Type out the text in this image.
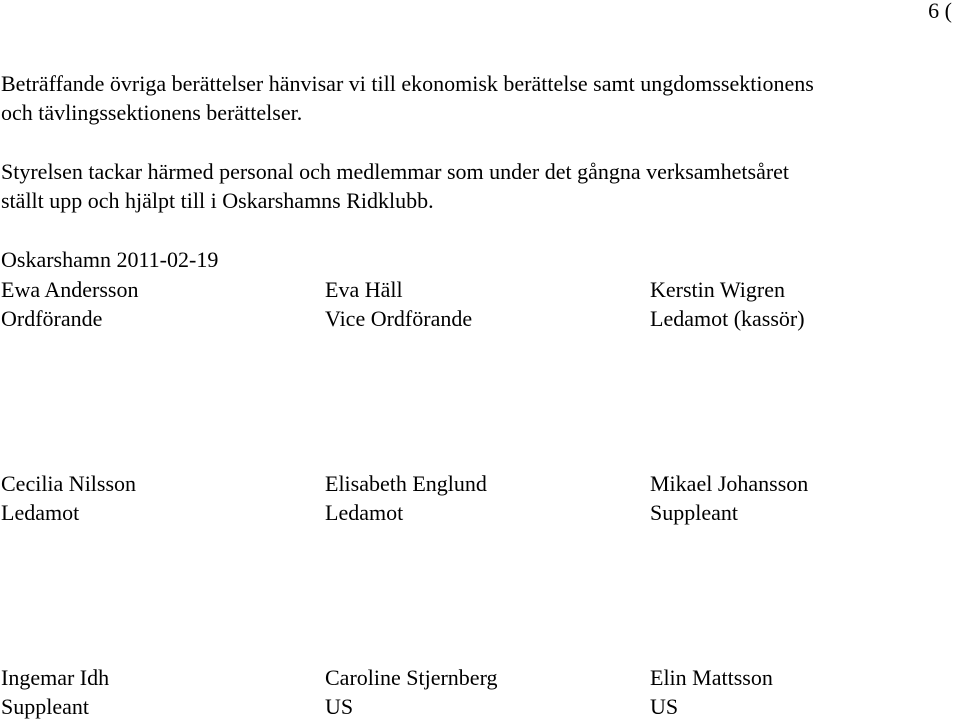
6 (

Beträffande övriga berättelser hänvisar vi till ekonomisk berättelse samt ungdomssektionens
och tävlingssektionens berättelser.

Styrelsen tackar härmed personal och medlemmar som under det gångna verksamhetsåret
ställt upp och hjälpt till i Oskarshamns Ridklubb.

Oskarshamn 2011-02-19

Ewa Andersson
Ordförande
Eva Häll
Vice Ordförande
Kerstin Wigren
Ledamot (kassör)
Cecilia Nilsson
Ledamot
Elisabeth Englund
Ledamot
Mikael Johansson
Suppleant
Ingemar Idh
Suppleant
Caroline Stjernberg
US
Elin Mattsson
US
